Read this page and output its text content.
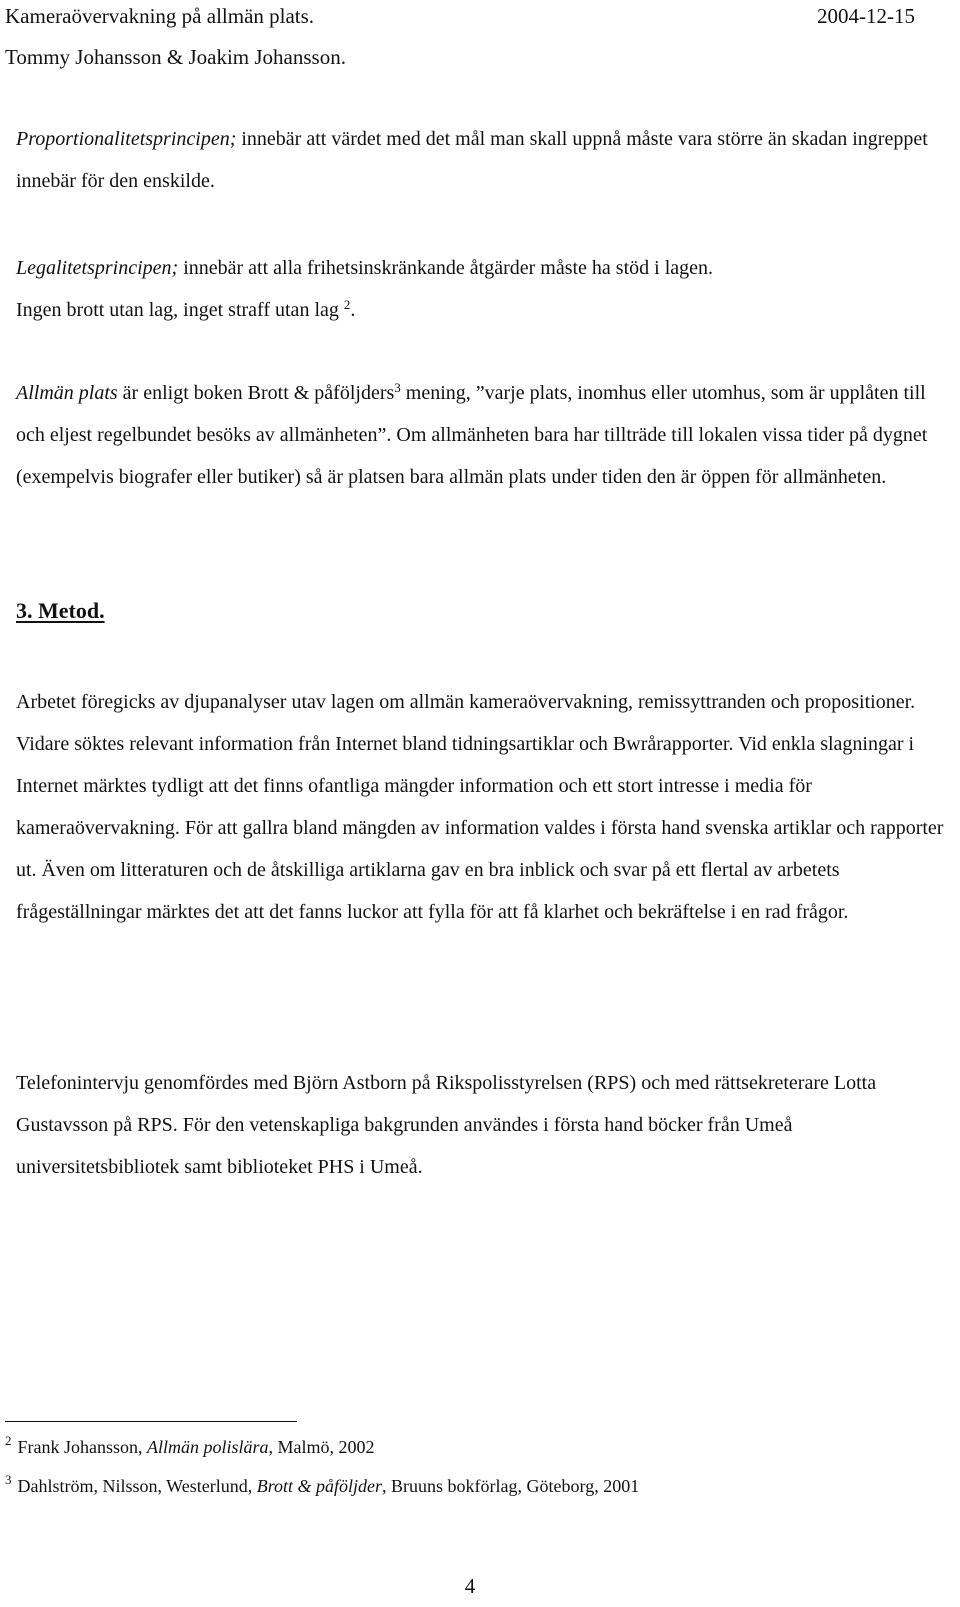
Kameraövervakning på allmän plats.	2004-12-15
Tommy Johansson & Joakim Johansson.

Proportionalitetsprincipen; innebär att värdet med det mål man skall uppnå måste vara större än skadan ingreppet innebär för den enskilde.

Legalitetsprincipen; innebär att alla frihetsinskränkande åtgärder måste ha stöd i lagen.
Ingen brott utan lag, inget straff utan lag $^2$.

Allmän plats är enligt boken Brott & påföljders$^3$ mening, ”varje plats, inomhus eller utomhus, som är upplåten till och eljest regelbundet besöks av allmänheten”. Om allmänheten bara har tillträde till lokalen vissa tider på dygnet (exempelvis biografer eller butiker) så är platsen bara allmän plats under tiden den är öppen för allmänheten.

3. Metod.

Arbetet föregicks av djupanalyser utav lagen om allmän kameraövervakning, remissyttranden och propositioner. Vidare söktes relevant information från Internet bland tidningsartiklar och Bwrårapporter. Vid enkla slagningar i Internet märktes tydligt att det finns ofantliga mängder information och ett stort intresse i media för kameraövervakning. För att gallra bland mängden av information valdes i första hand svenska artiklar och rapporter ut. Även om litteraturen och de åtskilliga artiklarna gav en bra inblick och svar på ett flertal av arbetets frågeställningar märktes det att det fanns luckor att fylla för att få klarhet och bekräftelse i en rad frågor.

Telefonintervju genomfördes med Björn Astborn på Rikspolisstyrelsen (RPS) och med rättsekreterare Lotta Gustavsson på RPS. För den vetenskapliga bakgrunden användes i första hand böcker från Umeå universitetsbibliotek samt biblioteket PHS i Umeå.

$^2$ Frank Johansson, Allmän polislära, Malmö, 2002

$^3$ Dahlström, Nilsson, Westerlund, Brott & påföljder, Bruuns bokförlag, Göteborg, 2001

4
